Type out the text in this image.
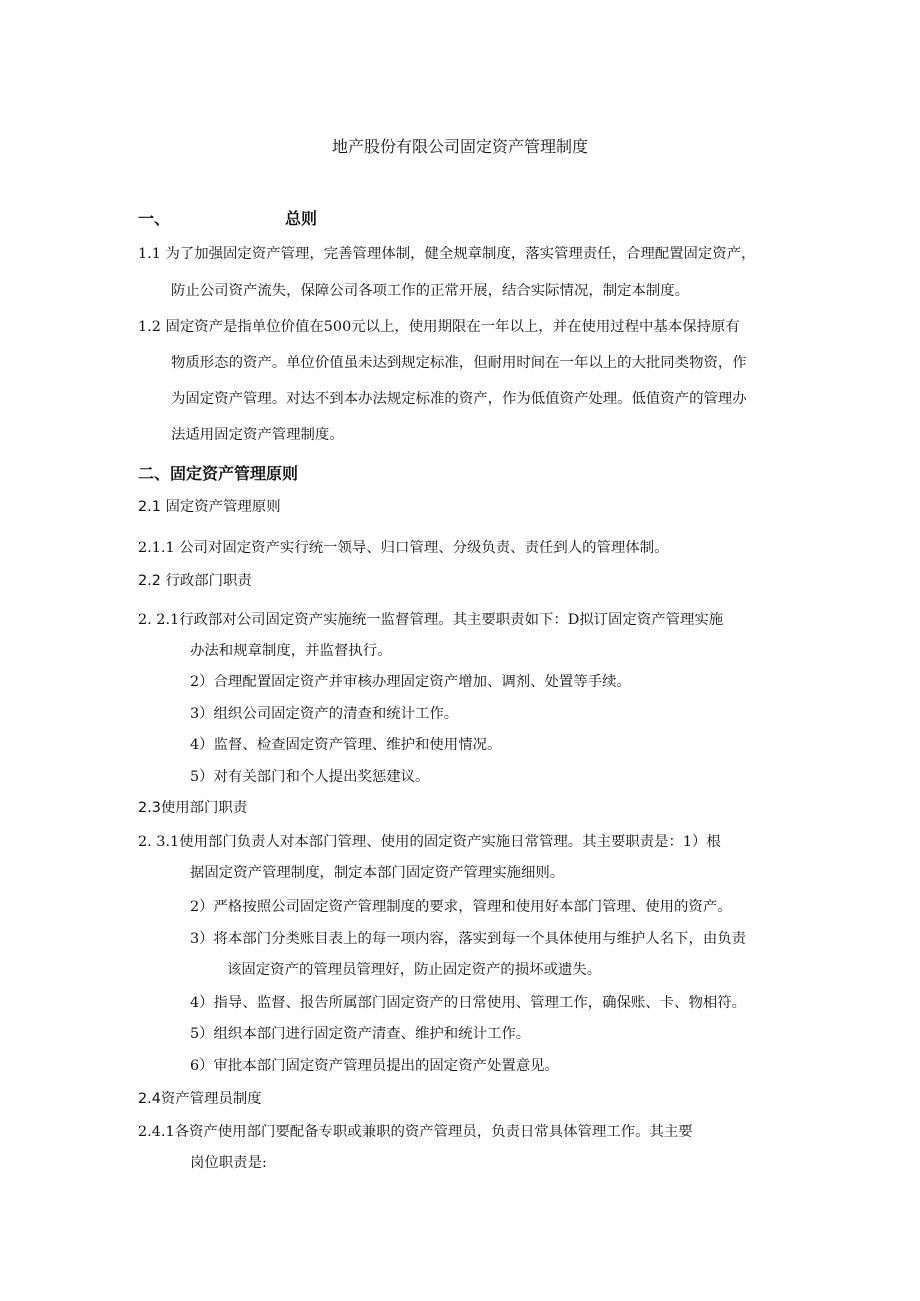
地产股份有限公司固定资产管理制度
一、	总则
1.1 为了加强固定资产管理，完善管理体制，健全规章制度，落实管理责任，合理配置固定资产，
防止公司资产流失，保障公司各项工作的正常开展，结合实际情况，制定本制度。
1.2 固定资产是指单位价值在500元以上，使用期限在一年以上，并在使用过程中基本保持原有
物质形态的资产。单位价值虽未达到规定标准，但耐用时间在一年以上的大批同类物资，作
为固定资产管理。对达不到本办法规定标准的资产，作为低值资产处理。低值资产的管理办
法适用固定资产管理制度。
二、固定资产管理原则
2.1 固定资产管理原则
2.1.1 公司对固定资产实行统一领导、归口管理、分级负责、责任到人的管理体制。
2.2 行政部门职责
2. 2.1行政部对公司固定资产实施统一监督管理。其主要职责如下：D拟订固定资产管理实施
办法和规章制度，并监督执行。
2）合理配置固定资产并审核办理固定资产增加、调剂、处置等手续。
3）组织公司固定资产的清查和统计工作。
4）监督、检查固定资产管理、维护和使用情况。
5）对有关部门和个人提出奖惩建议。
2.3使用部门职责
2. 3.1使用部门负责人对本部门管理、使用的固定资产实施日常管理。其主要职责是：1）根
据固定资产管理制度，制定本部门固定资产管理实施细则。
2）严格按照公司固定资产管理制度的要求，管理和使用好本部门管理、使用的资产。
3）将本部门分类账目表上的每一项内容，落实到每一个具体使用与维护人名下，由负责
该固定资产的管理员管理好，防止固定资产的损坏或遗失。
4）指导、监督、报告所属部门固定资产的日常使用、管理工作，确保账、卡、物相符。
5）组织本部门进行固定资产清查、维护和统计工作。
6）审批本部门固定资产管理员提出的固定资产处置意见。
2.4资产管理员制度
2.4.1各资产使用部门要配备专职或兼职的资产管理员，负责日常具体管理工作。其主要
岗位职责是:
